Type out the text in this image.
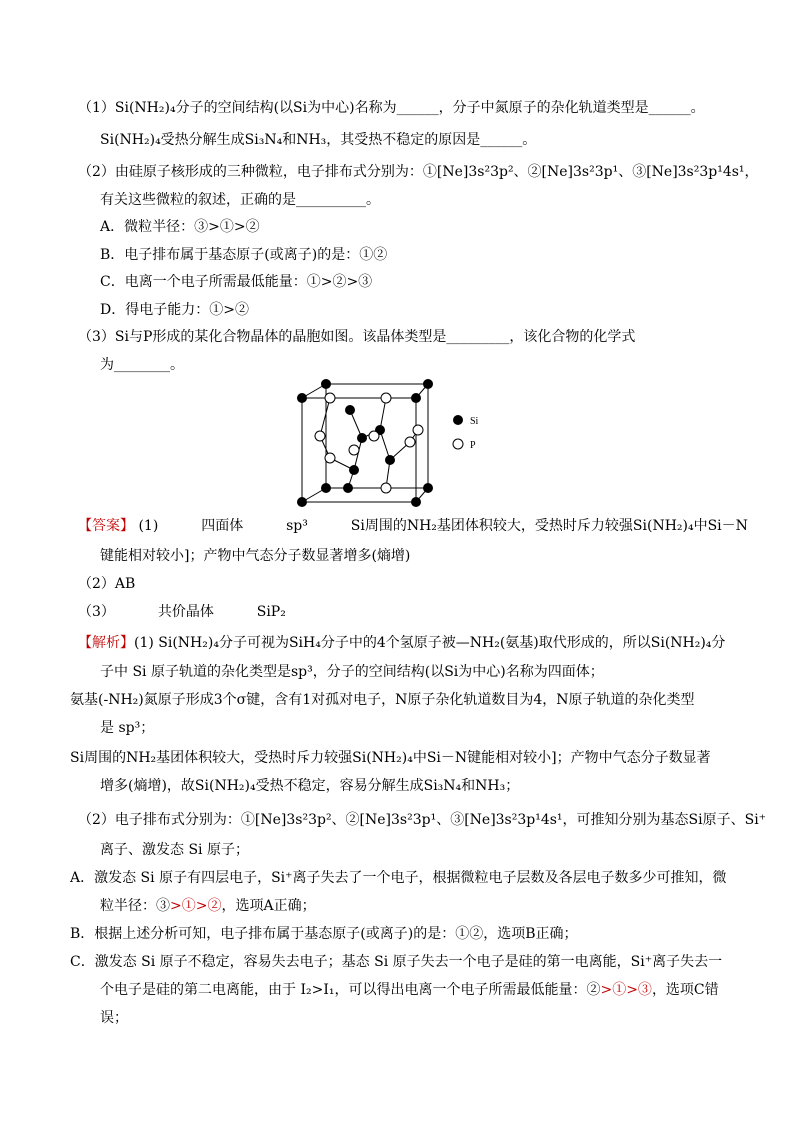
（1）Si(NH₂)₄分子的空间结构(以Si为中心)名称为______，分子中氮原子的杂化轨道类型是______。
Si(NH₂)₄受热分解生成Si₃N₄和NH₃，其受热不稳定的原因是______。
（2）由硅原子核形成的三种微粒，电子排布式分别为：①[Ne]3s²3p²、②[Ne]3s²3p¹、③[Ne]3s²3p¹4s¹，
有关这些微粒的叙述，正确的是__________。
A．微粒半径：③>①>②
B．电子排布属于基态原子(或离子)的是：①②
C．电离一个电子所需最低能量：①>②>③
D．得电子能力：①>②
（3）Si与P形成的某化合物晶体的晶胞如图。该晶体类型是_________，该化合物的化学式
为________。
Si
P
【答案】 (1)	四面体	sp³	Si周围的NH₂基团体积较大，受热时斥力较强Si(NH₂)₄中Si－N
键能相对较小]；产物中气态分子数显著增多(熵增)
（2）AB
（3）	共价晶体	SiP₂
【解析】(1) Si(NH₂)₄分子可视为SiH₄分子中的4个氢原子被—NH₂(氨基)取代形成的，所以Si(NH₂)₄分
子中 Si 原子轨道的杂化类型是sp³，分子的空间结构(以Si为中心)名称为四面体；
氨基(-NH₂)氮原子形成3个σ键，含有1对孤对电子，N原子杂化轨道数目为4，N原子轨道的杂化类型
是 sp³；
Si周围的NH₂基团体积较大，受热时斥力较强Si(NH₂)₄中Si－N键能相对较小]；产物中气态分子数显著
增多(熵增)，故Si(NH₂)₄受热不稳定，容易分解生成Si₃N₄和NH₃；
（2）电子排布式分别为：①[Ne]3s²3p²、②[Ne]3s²3p¹、③[Ne]3s²3p¹4s¹，可推知分别为基态Si原子、Si⁺
离子、激发态 Si 原子；
A．激发态 Si 原子有四层电子，Si⁺离子失去了一个电子，根据微粒电子层数及各层电子数多少可推知，微
粒半径：③>①>②，选项A正确；
B．根据上述分析可知，电子排布属于基态原子(或离子)的是：①②，选项B正确；
C．激发态 Si 原子不稳定，容易失去电子；基态 Si 原子失去一个电子是硅的第一电离能，Si⁺离子失去一
个电子是硅的第二电离能，由于 I₂>I₁，可以得出电离一个电子所需最低能量：②>①>③，选项C错
误；
